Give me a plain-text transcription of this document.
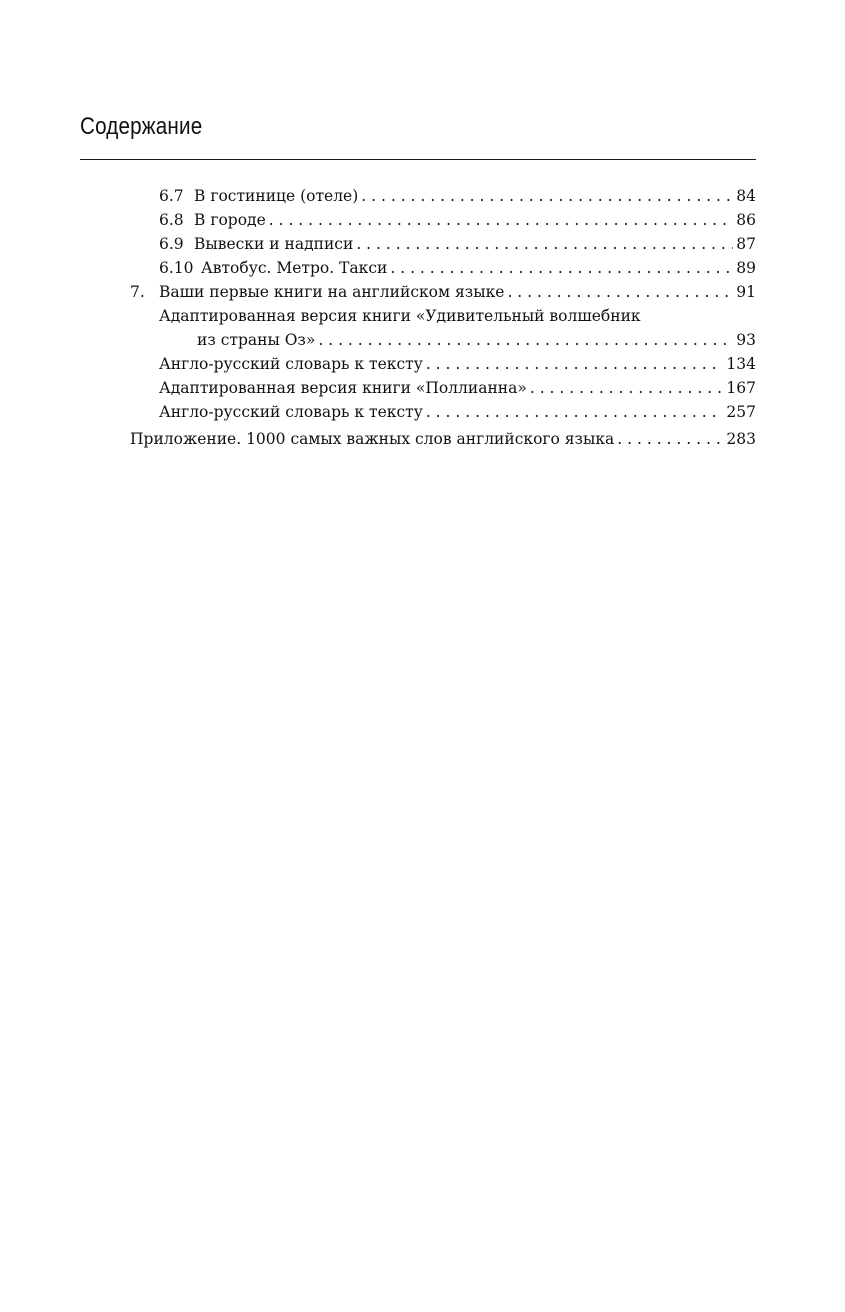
Содержание
6.7 В гостинице (отеле) . . .	84
6.8 В городе . . .	86
6.9 Вывески и надписи . . .	87
6.10 Автобус. Метро. Такси . . .	89
7. Ваши первые книги на английском языке . . .	91
Адаптированная версия книги «Удивительный волшебник
из страны Оз» . . .	93
Англо-русский словарь к тексту . . .	134
Адаптированная версия книги «Поллианна» . . .	167
Англо-русский словарь к тексту . . .	257
Приложение. 1000 самых важных слов английского языка . . .	283
